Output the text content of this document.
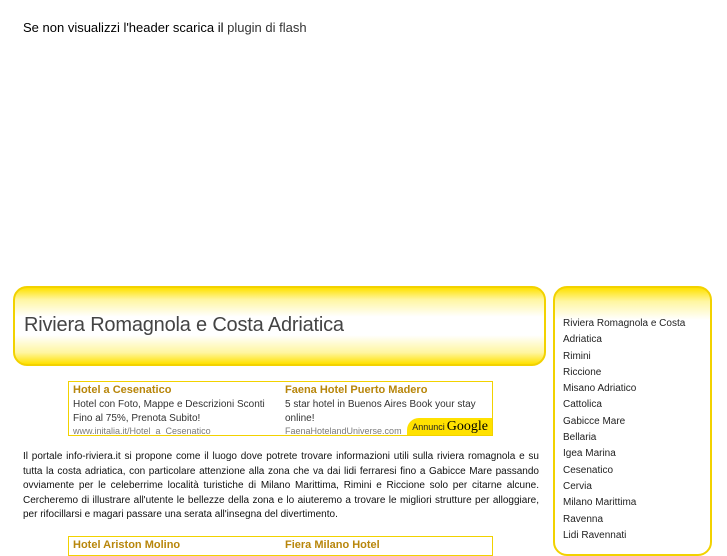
Se non visualizzi l'header scarica il plugin di flash
Riviera Romagnola e Costa Adriatica
Hotel a Cesenatico
Hotel con Foto, Mappe e Descrizioni Sconti Fino al 75%, Prenota Subito!
www.initalia.it/Hotel_a_Cesenatico
Faena Hotel Puerto Madero
5 star hotel in Buenos Aires Book your stay online!
FaenaHotelandUniverse.com	Annunci Google

Il portale info-riviera.it si propone come il luogo dove potrete trovare informazioni utili sulla riviera romagnola e su tutta la costa adriatica, con particolare attenzione alla zona che va dai lidi ferraresi fino a Gabicce Mare passando ovviamente per le celeberrime località turistiche di Milano Marittima, Rimini e Riccione solo per citarne alcune. Cercheremo di illustrare all'utente le bellezze della zona e lo aiuteremo a trovare le migliori strutture per alloggiare, per rifocillarsi e magari passare una serata all'insegna del divertimento.

Hotel Ariston Molino	Fiera Milano Hotel
Riviera Romagnola e Costa Adriatica
Rimini
Riccione
Misano Adriatico
Cattolica
Gabicce Mare
Bellaria
Igea Marina
Cesenatico
Cervia
Milano Marittima
Ravenna
Lidi Ravennati
